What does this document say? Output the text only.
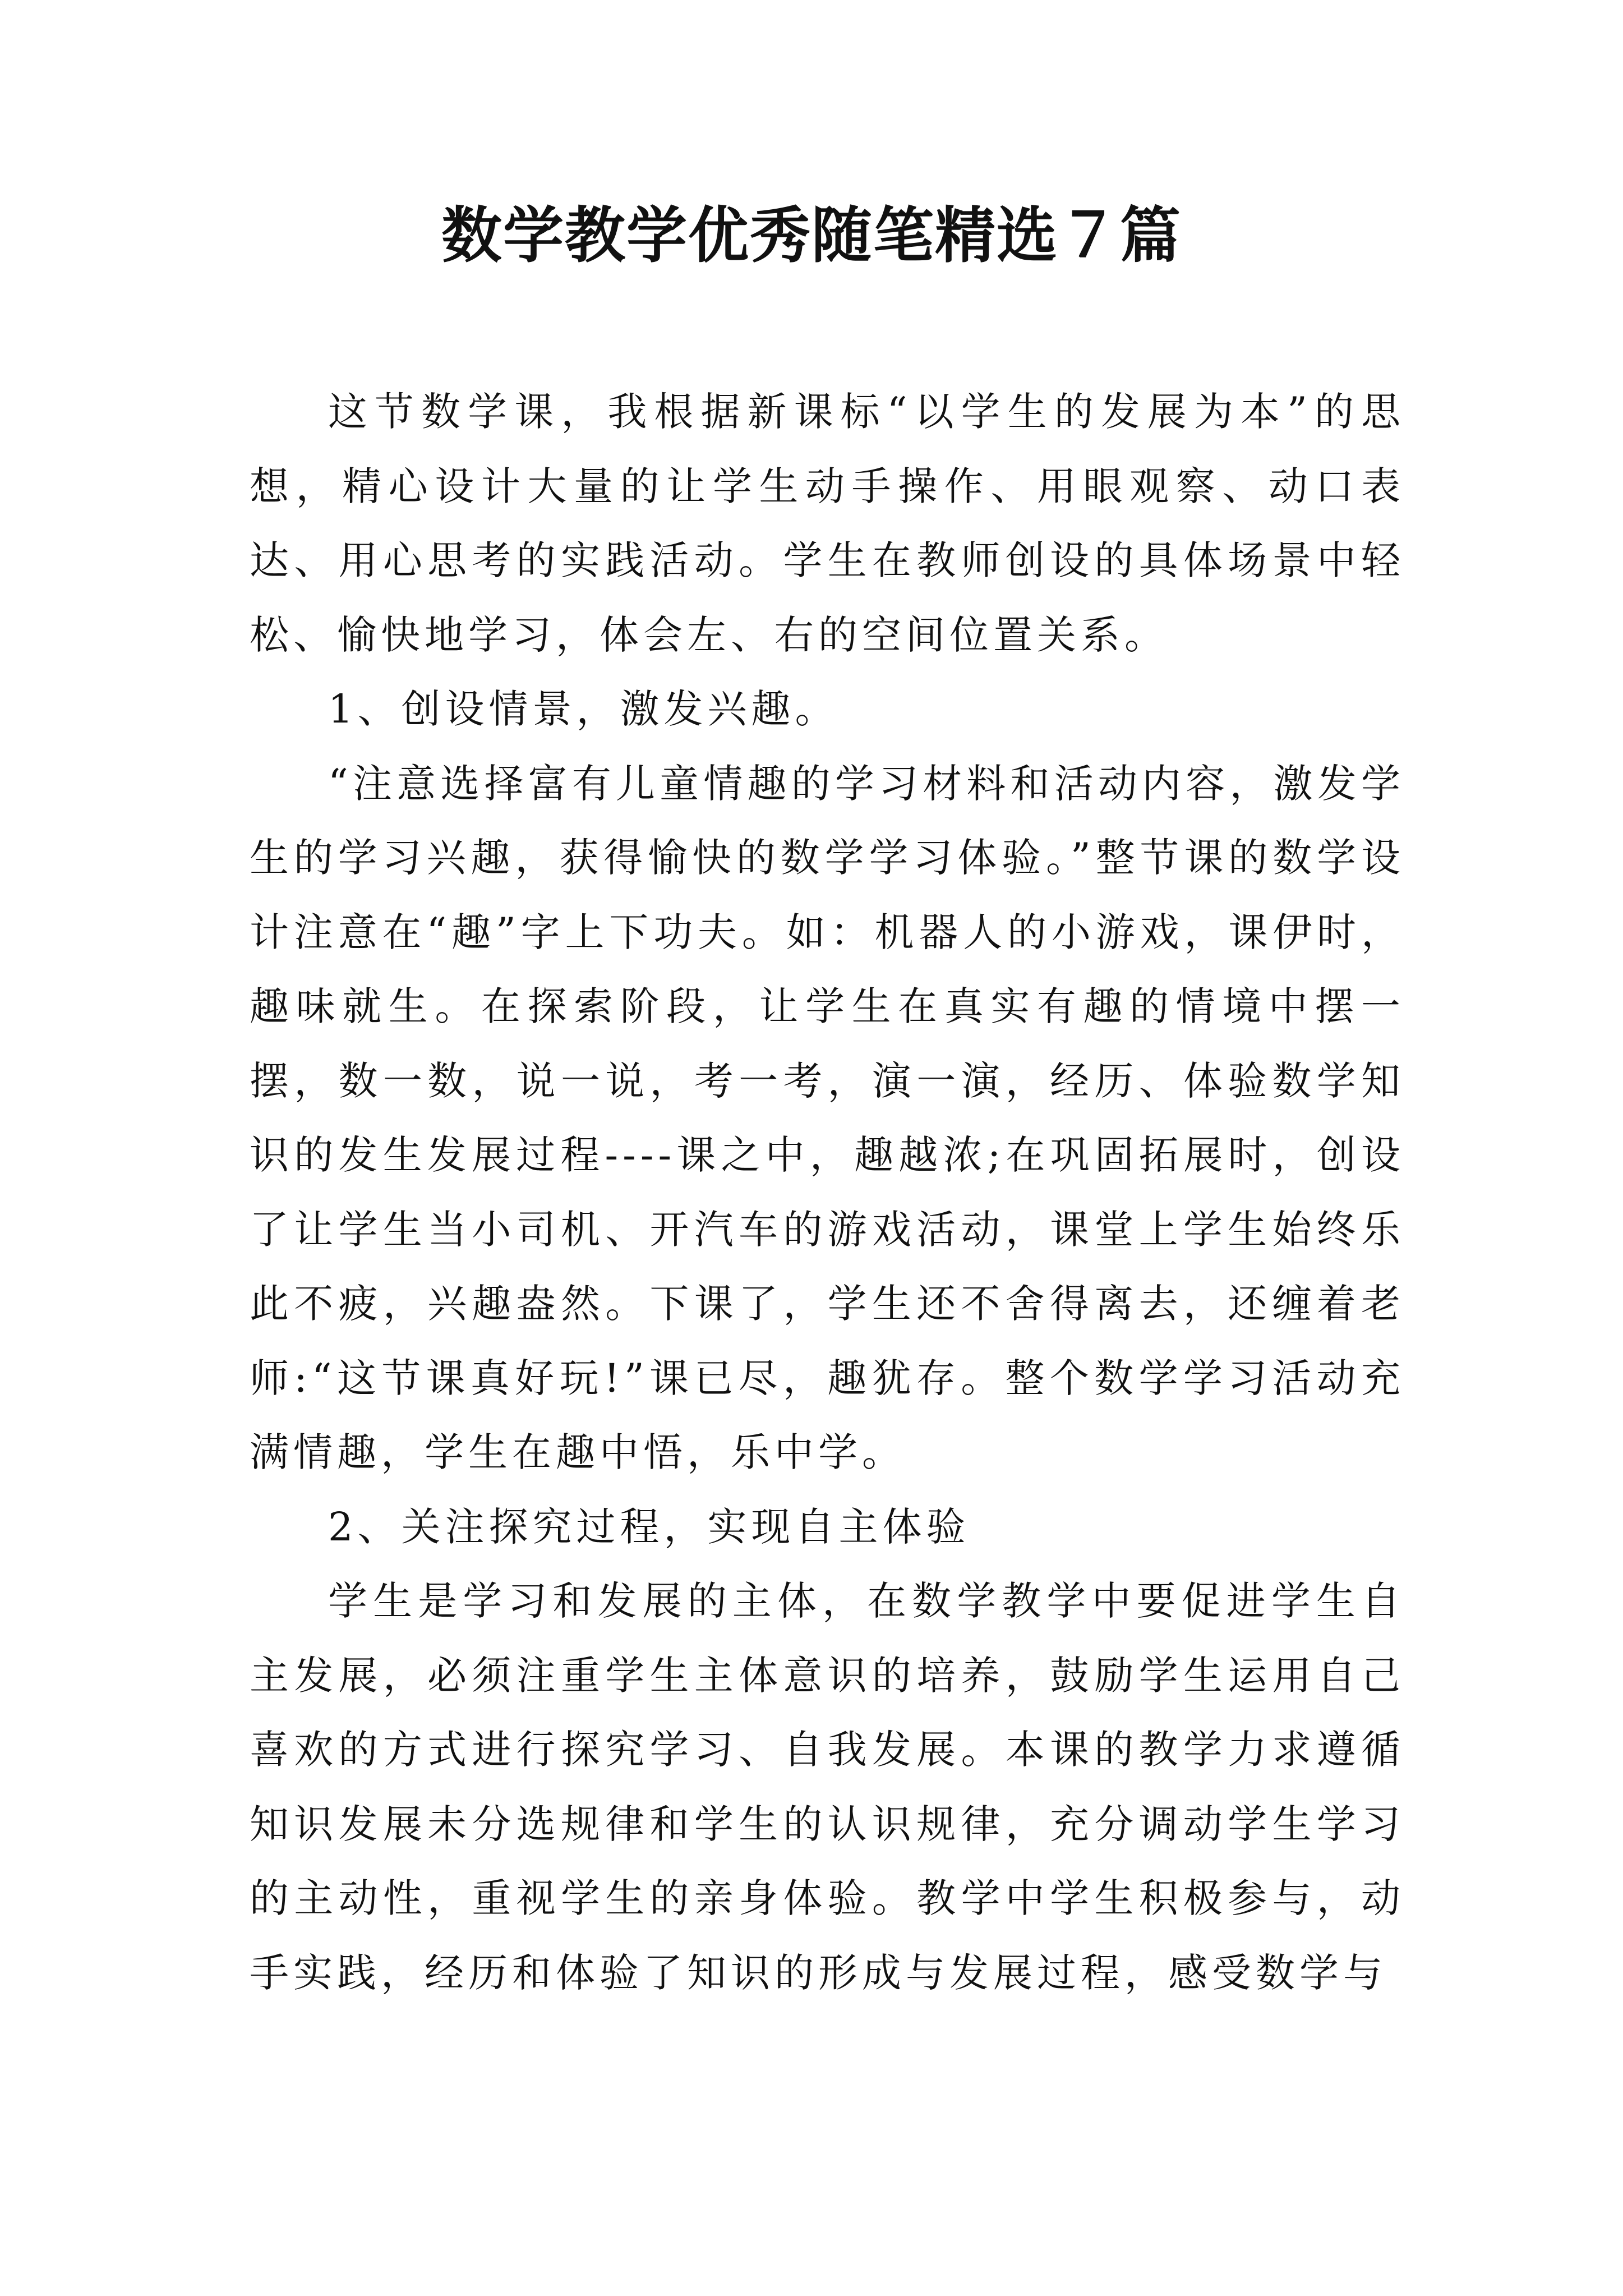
数学教学优秀随笔精选７篇

这节数学课，我根据新课标“以学生的发展为本”的思想，精心设计大量的让学生动手操作、用眼观察、动口表达、用心思考的实践活动。学生在教师创设的具体场景中轻松、愉快地学习，体会左、右的空间位置关系。

1、创设情景，激发兴趣。

“注意选择富有儿童情趣的学习材料和活动内容，激发学生的学习兴趣，获得愉快的数学学习体验。”整节课的数学设计注意在“趣”字上下功夫。如：机器人的小游戏，课伊时，趣味就生。在探索阶段，让学生在真实有趣的情境中摆一摆，数一数，说一说，考一考，演一演，经历、体验数学知识的发生发展过程----课之中，趣越浓;在巩固拓展时，创设了让学生当小司机、开汽车的游戏活动，课堂上学生始终乐此不疲，兴趣盎然。下课了，学生还不舍得离去，还缠着老师:“这节课真好玩!”课已尽，趣犹存。整个数学学习活动充满情趣，学生在趣中悟，乐中学。

2、关注探究过程，实现自主体验

学生是学习和发展的主体，在数学教学中要促进学生自主发展，必须注重学生主体意识的培养，鼓励学生运用自己喜欢的方式进行探究学习、自我发展。本课的教学力求遵循知识发展未分选规律和学生的认识规律，充分调动学生学习的主动性，重视学生的亲身体验。教学中学生积极参与，动手实践，经历和体验了知识的形成与发展过程，感受数学与
